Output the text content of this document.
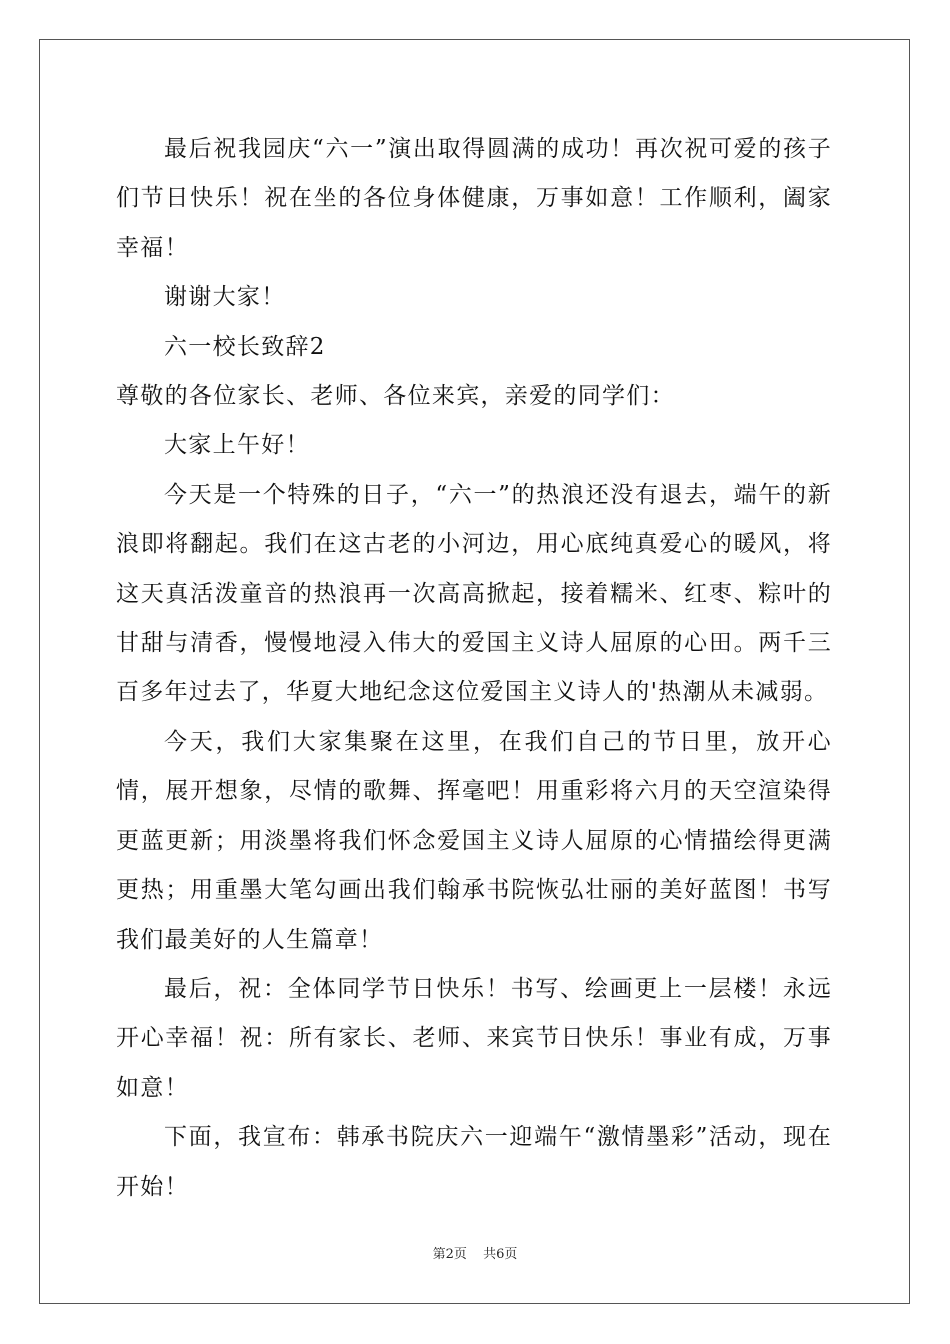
最后祝我园庆“六一”演出取得圆满的成功！再次祝可爱的孩子们节日快乐！祝在坐的各位身体健康，万事如意！工作顺利，阖家幸福！

谢谢大家！

六一校长致辞2

尊敬的各位家长、老师、各位来宾，亲爱的同学们：

大家上午好！

今天是一个特殊的日子，“六一”的热浪还没有退去，端午的新浪即将翻起。我们在这古老的小河边，用心底纯真爱心的暖风，将这天真活泼童音的热浪再一次高高掀起，接着糯米、红枣、粽叶的甘甜与清香，慢慢地浸入伟大的爱国主义诗人屈原的心田。两千三百多年过去了，华夏大地纪念这位爱国主义诗人的'热潮从未减弱。

今天，我们大家集聚在这里，在我们自己的节日里，放开心情，展开想象，尽情的歌舞、挥毫吧！用重彩将六月的天空渲染得更蓝更新；用淡墨将我们怀念爱国主义诗人屈原的心情描绘得更满更热；用重墨大笔勾画出我们翰承书院恢弘壮丽的美好蓝图！书写我们最美好的人生篇章！

最后，祝：全体同学节日快乐！书写、绘画更上一层楼！永远开心幸福！祝：所有家长、老师、来宾节日快乐！事业有成，万事如意！

下面，我宣布：韩承书院庆六一迎端午“激情墨彩”活动，现在开始！

第2页 共6页
